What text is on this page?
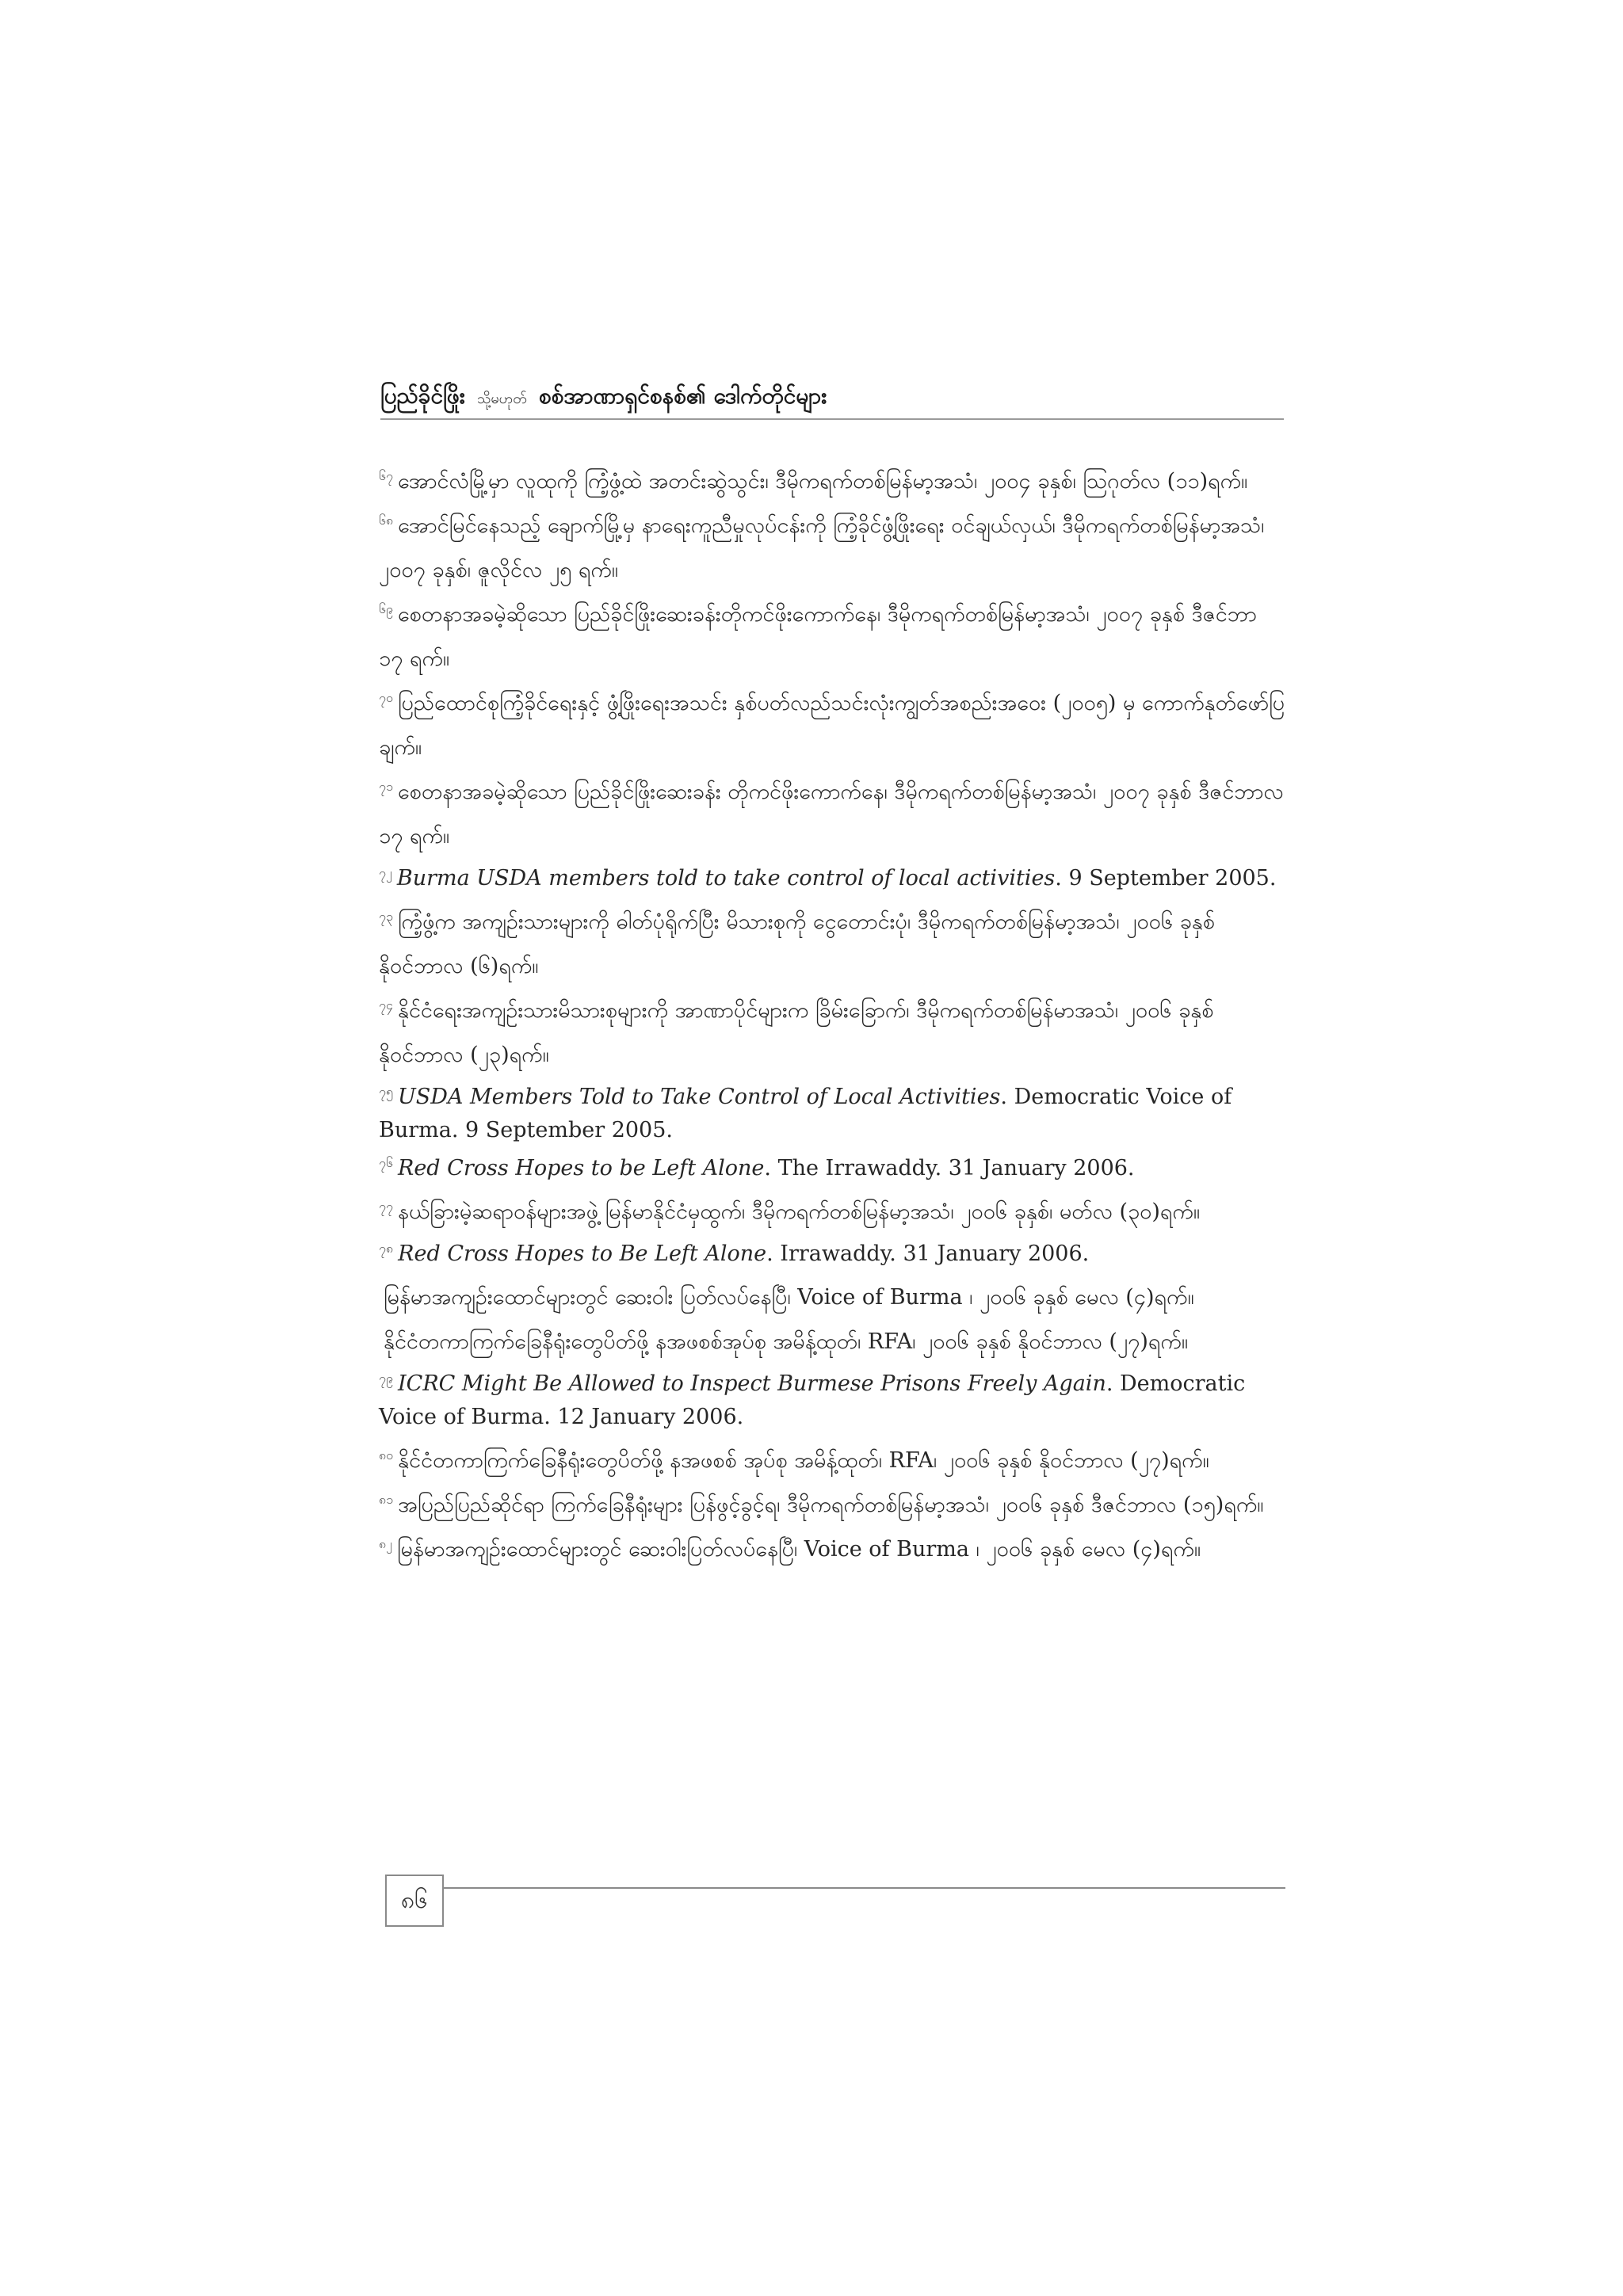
ပြည်ခိုင်ဖြိုး သို့မဟုတ် စစ်အာဏာရှင်စနစ်၏ ဒေါက်တိုင်များ

$^{၆၇}$ အောင်လံမြို့မှာ လူထုကို ကြံ့ဖွံ့ထဲ အတင်းဆွဲသွင်း၊ ဒီမိုကရက်တစ်မြန်မာ့အသံ၊ ၂၀၀၄ ခုနှစ်၊ ဩဂုတ်လ (၁၁)ရက်။

$^{၆၈}$ အောင်မြင်နေသည့် ချောက်မြို့မှ နာရေးကူညီမှုလုပ်ငန်းကို ကြံ့ခိုင်ဖွံ့ဖြိုးရေး ဝင်ချယ်လှယ်၊ ဒီမိုကရက်တစ်မြန်မာ့အသံ၊ ၂၀၀၇ ခုနှစ်၊ ဇူလိုင်လ ၂၅ ရက်။

$^{၆၉}$ စေတနာအခမဲ့ဆိုသော ပြည်ခိုင်ဖြိုးဆေးခန်းတိုကင်ဖိုးကောက်နေ၊ ဒီမိုကရက်တစ်မြန်မာ့အသံ၊ ၂၀၀၇ ခုနှစ် ဒီဇင်ဘာ ၁၇ ရက်။

$^{၇၀}$ ပြည်ထောင်စုကြံ့ခိုင်ရေးနှင့် ဖွံ့ဖြိုးရေးအသင်း နှစ်ပတ်လည်သင်းလုံးကျွတ်အစည်းအဝေး (၂၀၀၅) မှ ကောက်နုတ်ဖော်ပြချက်။

$^{၇၁}$ စေတနာအခမဲ့ဆိုသော ပြည်ခိုင်ဖြိုးဆေးခန်း တိုကင်ဖိုးကောက်နေ၊ ဒီမိုကရက်တစ်မြန်မာ့အသံ၊ ၂၀၀၇ ခုနှစ် ဒီဇင်ဘာလ ၁၇ ရက်။

$^{၇၂}$ Burma USDA members told to take control of local activities. 9 September 2005.

$^{၇၃}$ ကြံ့ဖွံ့က အကျဉ်းသားများကို ဓါတ်ပုံရိုက်ပြီး မိသားစုကို ငွေတောင်းပုံ၊ ဒီမိုကရက်တစ်မြန်မာ့အသံ၊ ၂၀၀၆ ခုနှစ် နိုဝင်ဘာလ (၆)ရက်။

$^{၇၄}$ နိုင်ငံရေးအကျဉ်းသားမိသားစုများကို အာဏာပိုင်များက ခြိမ်းခြောက်၊ ဒီမိုကရက်တစ်မြန်မာအသံ၊ ၂၀၀၆ ခုနှစ် နိုဝင်ဘာလ (၂၃)ရက်။

$^{၇၅}$ USDA Members Told to Take Control of Local Activities. Democratic Voice of Burma. 9 September 2005.

$^{၇၆}$ Red Cross Hopes to be Left Alone. The Irrawaddy. 31 January 2006.

$^{၇၇}$ နယ်ခြားမဲ့ဆရာဝန်များအဖွဲ့ မြန်မာနိုင်ငံမှထွက်၊ ဒီမိုကရက်တစ်မြန်မာ့အသံ၊ ၂၀၀၆ ခုနှစ်၊ မတ်လ (၃၀)ရက်။

$^{၇၈}$ Red Cross Hopes to Be Left Alone. Irrawaddy. 31 January 2006.

မြန်မာအကျဉ်းထောင်များတွင် ဆေးဝါး ပြတ်လပ်နေပြီ၊ Voice of Burma ၊ ၂၀၀၆ ခုနှစ် မေလ (၄)ရက်။

နိုင်ငံတကာကြက်ခြေနီရုံးတွေပိတ်ဖို့ နအဖစစ်အုပ်စု အမိန့်ထုတ်၊ RFA၊ ၂၀၀၆ ခုနှစ် နိုဝင်ဘာလ (၂၇)ရက်။

$^{၇၉}$ ICRC Might Be Allowed to Inspect Burmese Prisons Freely Again. Democratic Voice of Burma. 12 January 2006.

$^{၈၀}$ နိုင်ငံတကာကြက်ခြေနီရုံးတွေပိတ်ဖို့ နအဖစစ် အုပ်စု အမိန့်ထုတ်၊ RFA၊ ၂၀၀၆ ခုနှစ် နိုဝင်ဘာလ (၂၇)ရက်။

$^{၈၁}$ အပြည်ပြည်ဆိုင်ရာ ကြက်ခြေနီရုံးများ ပြန်ဖွင့်ခွင့်ရ၊ ဒီမိုကရက်တစ်မြန်မာ့အသံ၊ ၂၀၀၆ ခုနှစ် ဒီဇင်ဘာလ (၁၅)ရက်။

$^{၈၂}$ မြန်မာအကျဉ်းထောင်များတွင် ဆေးဝါးပြတ်လပ်နေပြီ၊ Voice of Burma ၊ ၂၀၀၆ ခုနှစ် မေလ (၄)ရက်။

၈၆
